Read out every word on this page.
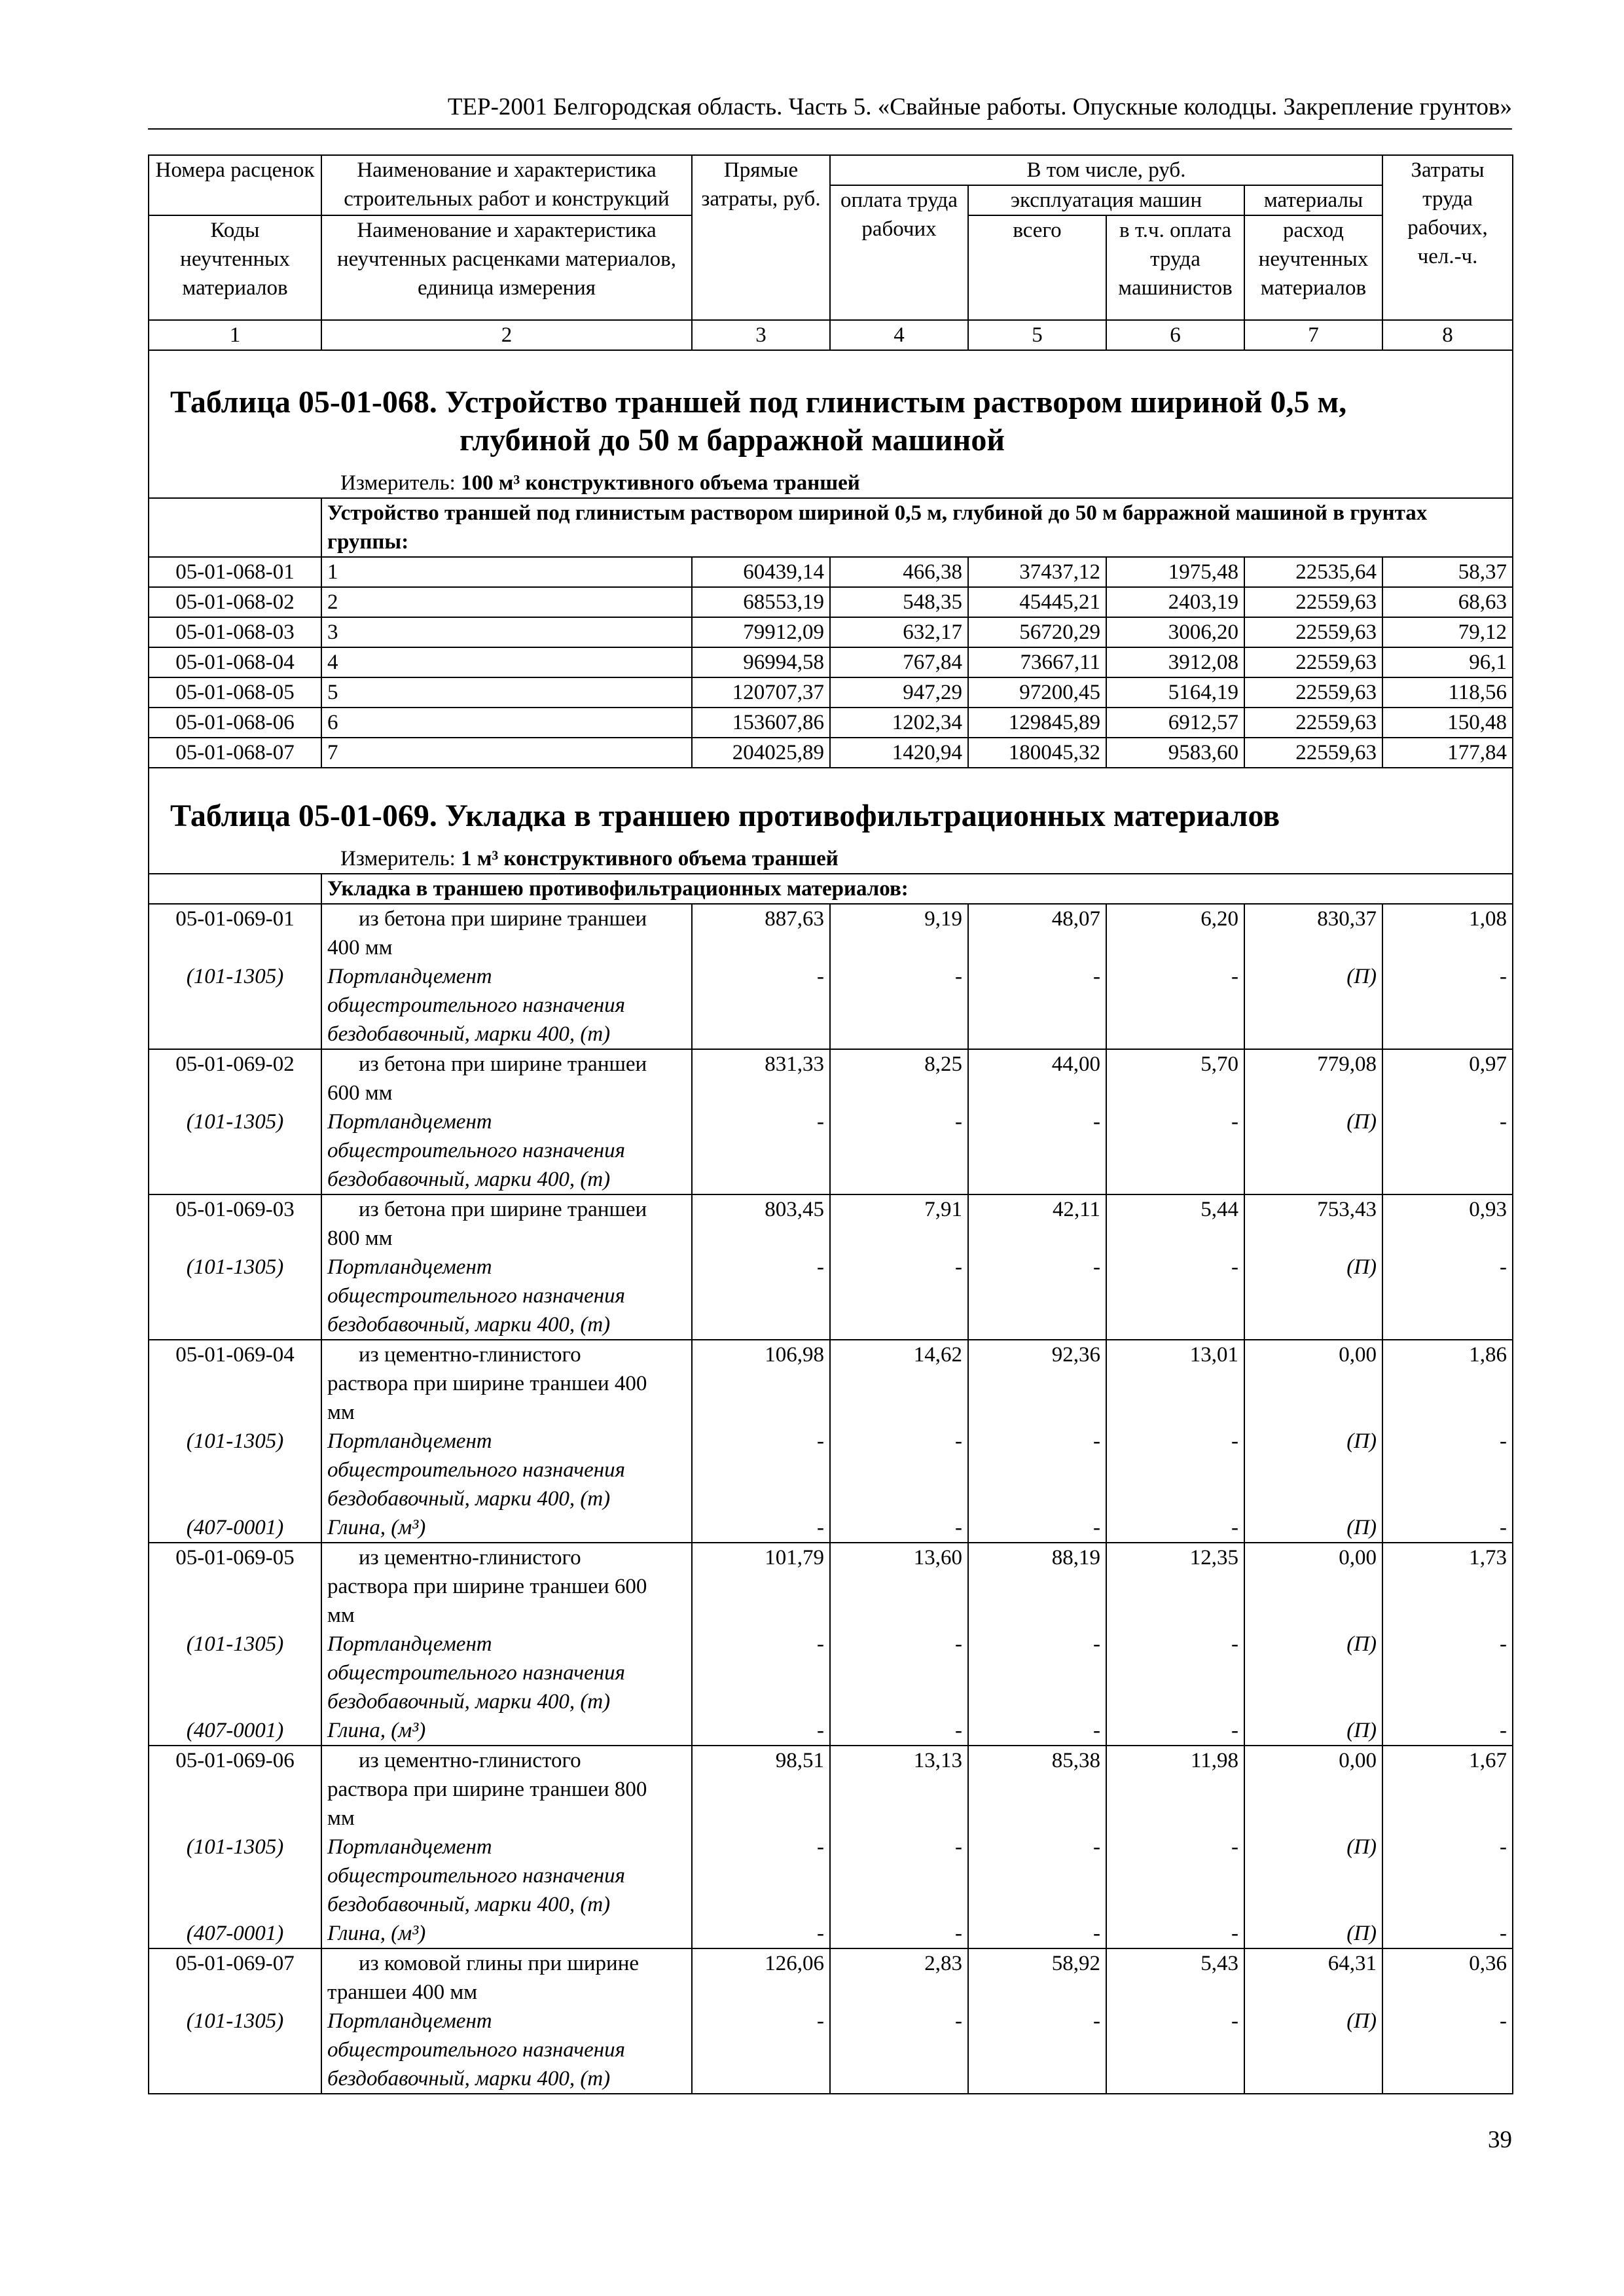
ТЕР-2001 Белгородская область. Часть 5. «Свайные работы. Опускные колодцы. Закрепление грунтов»
Номера расценок	Наименование и характеристика строительных работ и конструкций	Прямые затраты, руб.	В том числе, руб.				Затраты труда рабочих, чел.-ч.
			оплата труда рабочих	эксплуатация машин		материалы	
Коды неучтенных материалов	Наименование и характеристика неучтенных расценками материалов, единица измерения			всего	в т.ч. оплата труда машинистов	расход неучтенных материалов	

1	2	3	4	5	6	7	8

Таблица 05-01-068. Устройство траншей под глинистым раствором шириной 0,5 м,
глубиной до 50 м барражной машиной
Измеритель: 100 м³ конструктивного объема траншей							

	Устройство траншей под глинистым раствором шириной 0,5 м, глубиной до 50 м барражной машиной в грунтах группы:						
05-01-068-01	1	60439,14	466,38	37437,12	1975,48	22535,64	58,37
05-01-068-02	2	68553,19	548,35	45445,21	2403,19	22559,63	68,63
05-01-068-03	3	79912,09	632,17	56720,29	3006,20	22559,63	79,12
05-01-068-04	4	96994,58	767,84	73667,11	3912,08	22559,63	96,1
05-01-068-05	5	120707,37	947,29	97200,45	5164,19	22559,63	118,56
05-01-068-06	6	153607,86	1202,34	129845,89	6912,57	22559,63	150,48
05-01-068-07	7	204025,89	1420,94	180045,32	9583,60	22559,63	177,84

Таблица 05-01-069. Укладка в траншею противофильтрационных материалов
Измеритель: 1 м³ конструктивного объема траншей							

	Укладка в траншею противофильтрационных материалов:						
05-01-069-01	из бетона при ширине траншеи	887,63	9,19	48,07	6,20	830,37	1,08
	400 мм						
(101-1305)	Портландцемент	-	-	-	-	(П)	-
	общестроительного назначения						
	бездобавочный, марки 400, (т)						
05-01-069-02	из бетона при ширине траншеи	831,33	8,25	44,00	5,70	779,08	0,97
	600 мм						
(101-1305)	Портландцемент	-	-	-	-	(П)	-
	общестроительного назначения						
	бездобавочный, марки 400, (т)						
05-01-069-03	из бетона при ширине траншеи	803,45	7,91	42,11	5,44	753,43	0,93
	800 мм						
(101-1305)	Портландцемент	-	-	-	-	(П)	-
	общестроительного назначения						
	бездобавочный, марки 400, (т)						
05-01-069-04	из цементно-глинистого	106,98	14,62	92,36	13,01	0,00	1,86
	раствора при ширине траншеи 400						
	мм						
(101-1305)	Портландцемент	-	-	-	-	(П)	-
	общестроительного назначения						
	бездобавочный, марки 400, (т)						
(407-0001)	Глина, (м³)	-	-	-	-	(П)	-
05-01-069-05	из цементно-глинистого	101,79	13,60	88,19	12,35	0,00	1,73
	раствора при ширине траншеи 600						
	мм						
(101-1305)	Портландцемент	-	-	-	-	(П)	-
	общестроительного назначения						
	бездобавочный, марки 400, (т)						
(407-0001)	Глина, (м³)	-	-	-	-	(П)	-
05-01-069-06	из цементно-глинистого	98,51	13,13	85,38	11,98	0,00	1,67
	раствора при ширине траншеи 800						
	мм						
(101-1305)	Портландцемент	-	-	-	-	(П)	-
	общестроительного назначения						
	бездобавочный, марки 400, (т)						
(407-0001)	Глина, (м³)	-	-	-	-	(П)	-
05-01-069-07	из комовой глины при ширине	126,06	2,83	58,92	5,43	64,31	0,36
	траншеи 400 мм						
(101-1305)	Портландцемент	-	-	-	-	(П)	-
	общестроительного назначения						
	бездобавочный, марки 400, (т)						
39
